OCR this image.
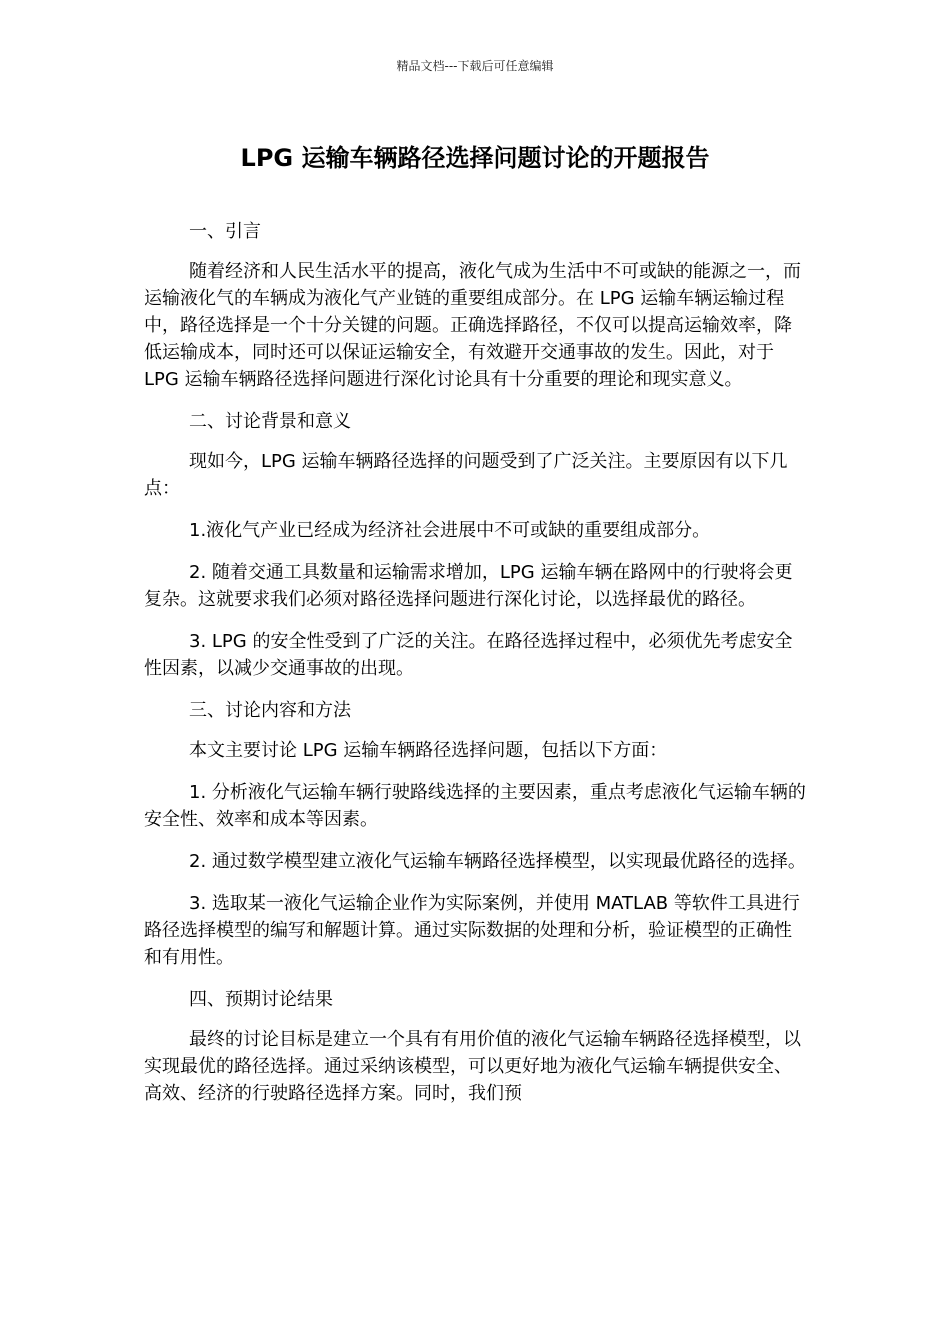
精品文档---下载后可任意编辑
LPG 运输车辆路径选择问题讨论的开题报告

一、引言

随着经济和人民生活水平的提高，液化气成为生活中不可或缺的能源之一，而运输液化气的车辆成为液化气产业链的重要组成部分。在 LPG 运输车辆运输过程中，路径选择是一个十分关键的问题。正确选择路径，不仅可以提高运输效率，降低运输成本，同时还可以保证运输安全，有效避开交通事故的发生。因此，对于 LPG 运输车辆路径选择问题进行深化讨论具有十分重要的理论和现实意义。

二、讨论背景和意义

现如今，LPG 运输车辆路径选择的问题受到了广泛关注。主要原因有以下几点：

1.液化气产业已经成为经济社会进展中不可或缺的重要组成部分。

2. 随着交通工具数量和运输需求增加，LPG 运输车辆在路网中的行驶将会更复杂。这就要求我们必须对路径选择问题进行深化讨论，以选择最优的路径。

3. LPG 的安全性受到了广泛的关注。在路径选择过程中，必须优先考虑安全性因素，以减少交通事故的出现。

三、讨论内容和方法

本文主要讨论 LPG 运输车辆路径选择问题，包括以下方面：

1. 分析液化气运输车辆行驶路线选择的主要因素，重点考虑液化气运输车辆的安全性、效率和成本等因素。

2. 通过数学模型建立液化气运输车辆路径选择模型，以实现最优路径的选择。

3. 选取某一液化气运输企业作为实际案例，并使用 MATLAB 等软件工具进行路径选择模型的编写和解题计算。通过实际数据的处理和分析，验证模型的正确性和有用性。

四、预期讨论结果

最终的讨论目标是建立一个具有有用价值的液化气运输车辆路径选择模型，以实现最优的路径选择。通过采纳该模型，可以更好地为液化气运输车辆提供安全、高效、经济的行驶路径选择方案。同时，我们预
